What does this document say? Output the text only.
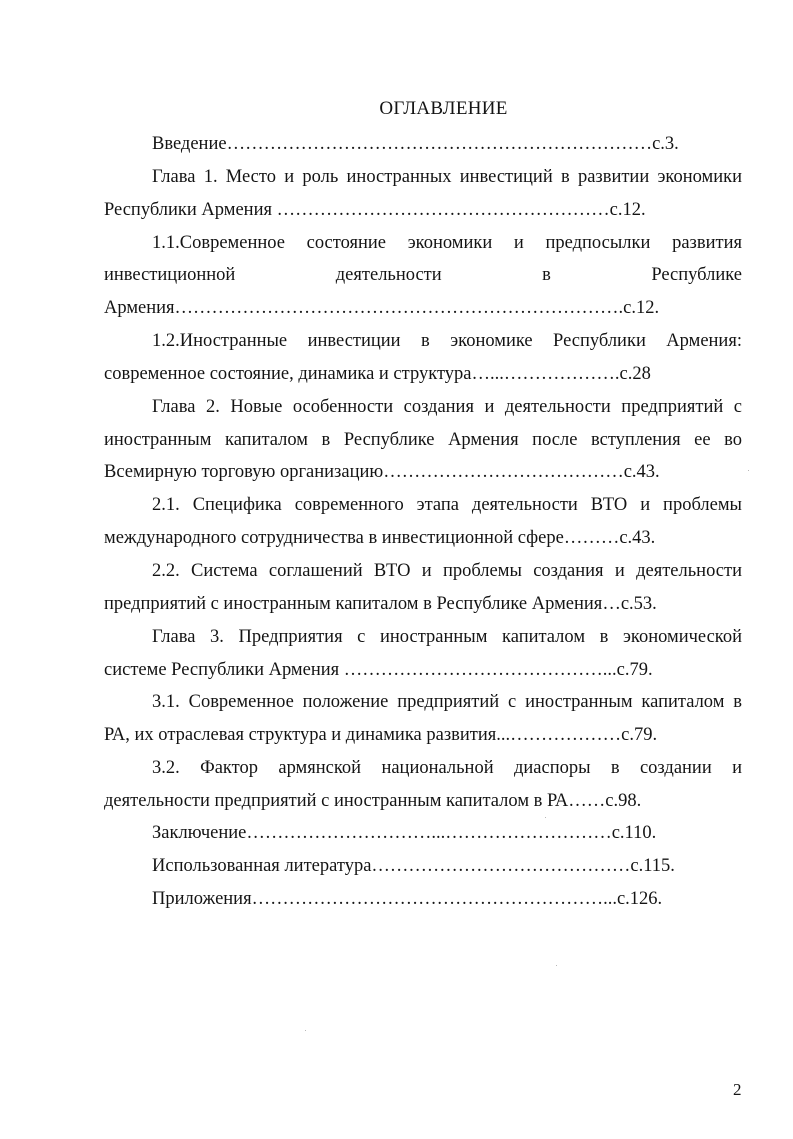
ОГЛАВЛЕНИЕ
Введение……………………………………………………………с.3.
Глава 1. Место и роль иностранных инвестиций в развитии экономики
Республики Армения ………………………………………………с.12.
1.1.Современное состояние экономики и предпосылки развития
инвестиционной деятельности в Республике
Армения……………………………………………………………….с.12.
1.2.Иностранные инвестиции в экономике Республики Армения:
современное состояние, динамика и структура…...……………….с.28
Глава 2. Новые особенности создания и деятельности предприятий с
иностранным капиталом в Республике Армения после вступления ее во
Всемирную торговую организацию…………………………………с.43.
2.1. Специфика современного этапа деятельности ВТО и проблемы
международного сотрудничества в инвестиционной сфере………с.43.
2.2. Система соглашений ВТО и проблемы создания и деятельности
предприятий с иностранным капиталом в Республике Армения…с.53.
Глава 3. Предприятия с иностранным капиталом в экономической
системе Республики Армения ……………………………………...с.79.
3.1. Современное положение предприятий с иностранным капиталом в
РА, их отраслевая структура и динамика развития...………………с.79.
3.2. Фактор армянской национальной диаспоры в создании и
деятельности предприятий с иностранным капиталом в РА……с.98.
Заключение…………………………...………………………с.110.
Использованная литература……………………………………с.115.
Приложения…………………………………………………...с.126.
2
